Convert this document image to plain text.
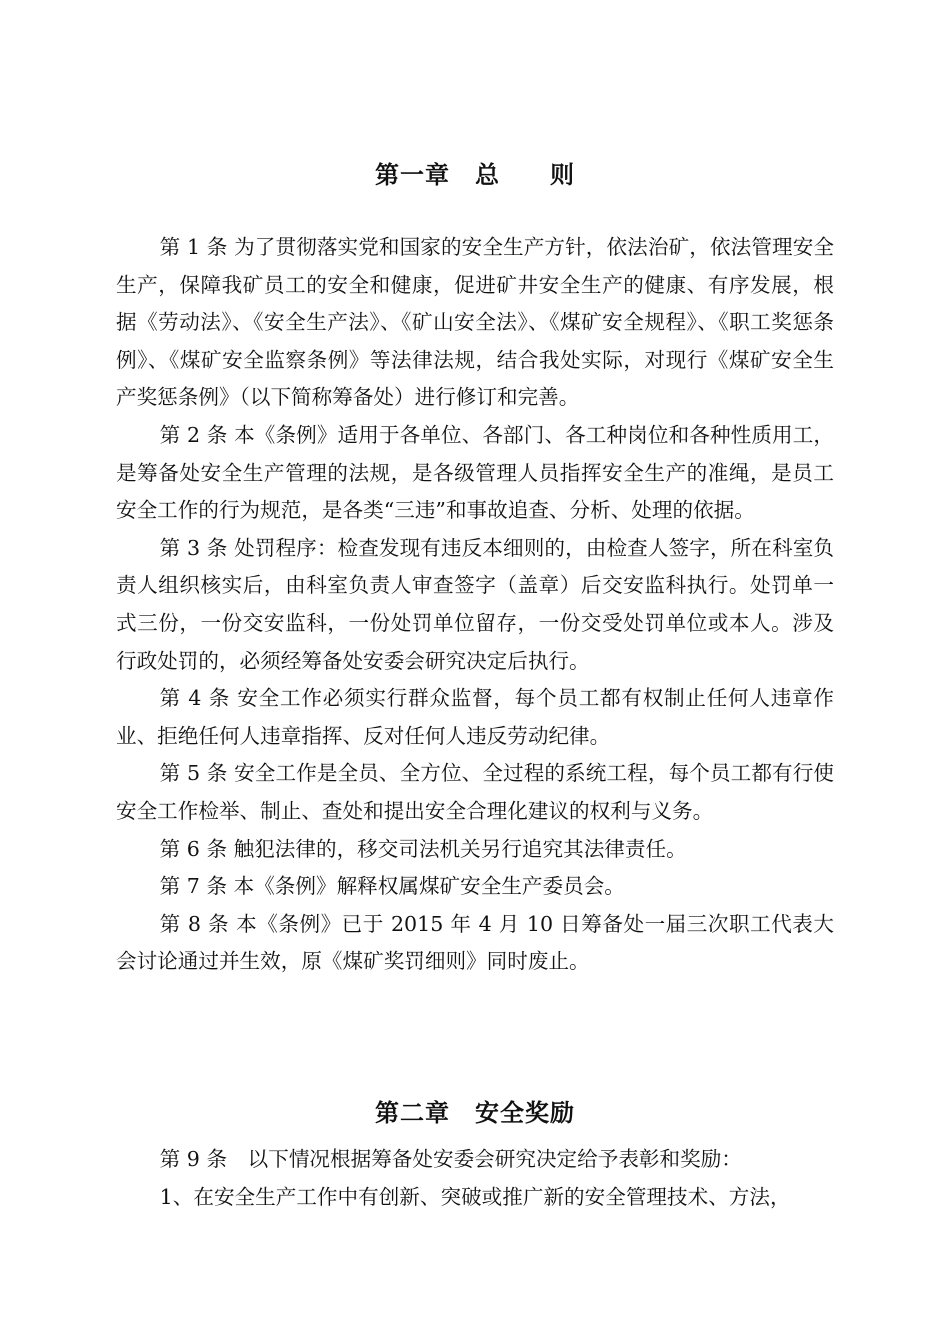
第一章　总　　则

第 1 条 为了贯彻落实党和国家的安全生产方针，依法治矿，依法管理安全生产，保障我矿员工的安全和健康，促进矿井安全生产的健康、有序发展，根据《劳动法》、《安全生产法》、《矿山安全法》、《煤矿安全规程》、《职工奖惩条例》、《煤矿安全监察条例》等法律法规，结合我处实际，对现行《煤矿安全生产奖惩条例》（以下简称筹备处）进行修订和完善。

第 2 条 本《条例》适用于各单位、各部门、各工种岗位和各种性质用工，是筹备处安全生产管理的法规，是各级管理人员指挥安全生产的准绳，是员工安全工作的行为规范，是各类“三违”和事故追查、分析、处理的依据。

第 3 条 处罚程序：检查发现有违反本细则的，由检查人签字，所在科室负责人组织核实后，由科室负责人审查签字（盖章）后交安监科执行。处罚单一式三份，一份交安监科，一份处罚单位留存，一份交受处罚单位或本人。涉及行政处罚的，必须经筹备处安委会研究决定后执行。

第 4 条 安全工作必须实行群众监督，每个员工都有权制止任何人违章作业、拒绝任何人违章指挥、反对任何人违反劳动纪律。

第 5 条 安全工作是全员、全方位、全过程的系统工程，每个员工都有行使安全工作检举、制止、查处和提出安全合理化建议的权利与义务。

第 6 条 触犯法律的，移交司法机关另行追究其法律责任。

第 7 条 本《条例》解释权属煤矿安全生产委员会。

第 8 条 本《条例》已于 2015 年 4 月 10 日筹备处一届三次职工代表大会讨论通过并生效，原《煤矿奖罚细则》同时废止。

第二章　安全奖励

第 9 条　以下情况根据筹备处安委会研究决定给予表彰和奖励：

1、在安全生产工作中有创新、突破或推广新的安全管理技术、方法，
